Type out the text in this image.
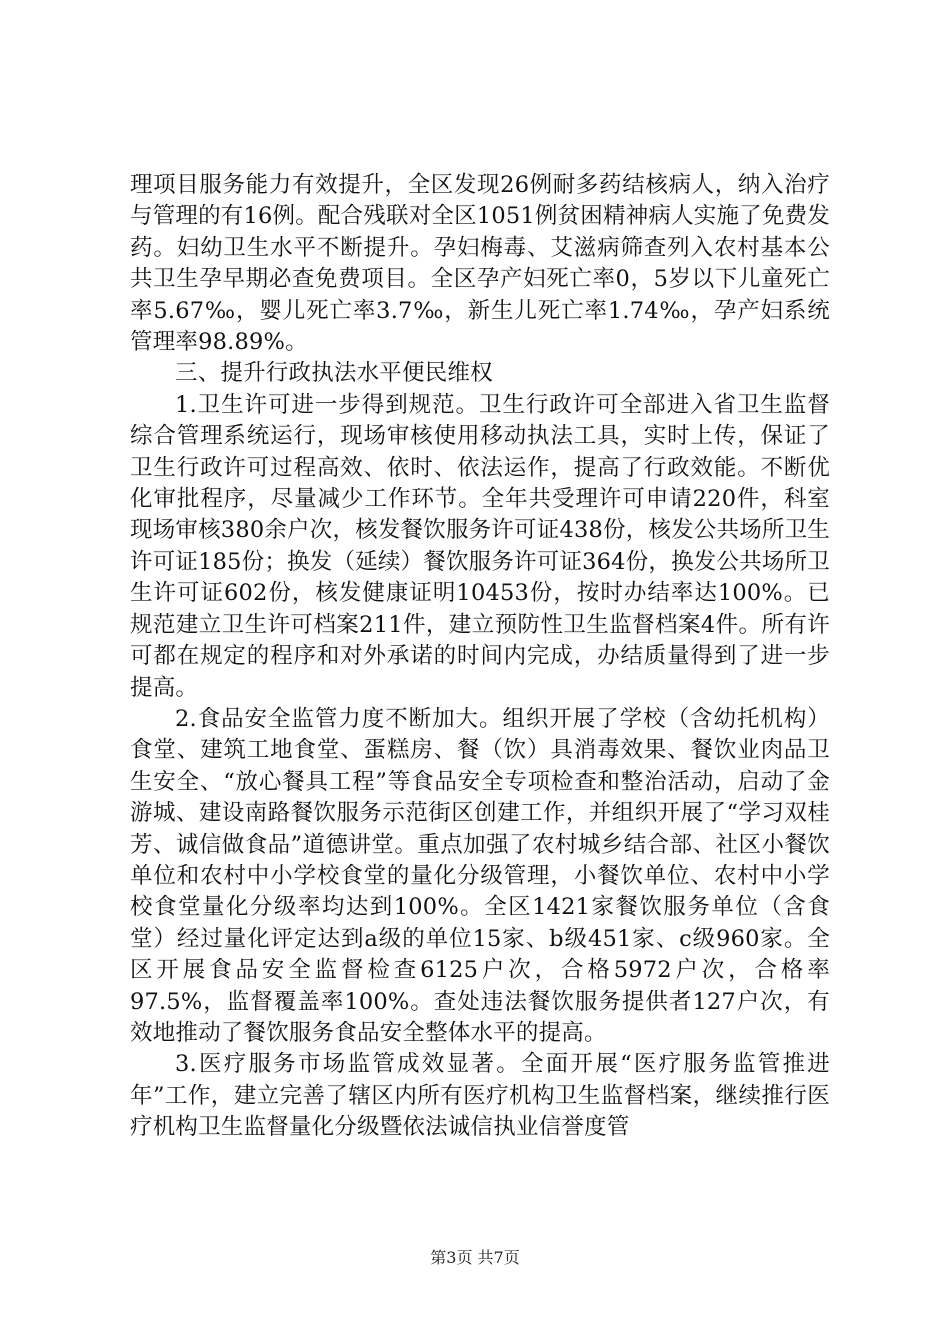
理项目服务能力有效提升，全区发现26例耐多药结核病人，纳入治疗与管理的有16例。配合残联对全区1051例贫困精神病人实施了免费发药。妇幼卫生水平不断提升。孕妇梅毒、艾滋病筛查列入农村基本公共卫生孕早期必查免费项目。全区孕产妇死亡率0，5岁以下儿童死亡率5.67‰，婴儿死亡率3.7‰，新生儿死亡率1.74‰，孕产妇系统管理率98.89%。

三、提升行政执法水平便民维权

1.卫生许可进一步得到规范。卫生行政许可全部进入省卫生监督综合管理系统运行，现场审核使用移动执法工具，实时上传，保证了卫生行政许可过程高效、依时、依法运作，提高了行政效能。不断优化审批程序，尽量减少工作环节。全年共受理许可申请220件，科室现场审核380余户次，核发餐饮服务许可证438份，核发公共场所卫生许可证185份；换发（延续）餐饮服务许可证364份，换发公共场所卫生许可证602份，核发健康证明10453份，按时办结率达100%。已规范建立卫生许可档案211件，建立预防性卫生监督档案4件。所有许可都在规定的程序和对外承诺的时间内完成，办结质量得到了进一步提高。

2.食品安全监管力度不断加大。组织开展了学校（含幼托机构）食堂、建筑工地食堂、蛋糕房、餐（饮）具消毒效果、餐饮业肉品卫生安全、“放心餐具工程”等食品安全专项检查和整治活动，启动了金游城、建设南路餐饮服务示范街区创建工作，并组织开展了“学习双桂芳、诚信做食品”道德讲堂。重点加强了农村城乡结合部、社区小餐饮单位和农村中小学校食堂的量化分级管理，小餐饮单位、农村中小学校食堂量化分级率均达到100%。全区1421家餐饮服务单位（含食堂）经过量化评定达到a级的单位15家、b级451家、c级960家。全区开展食品安全监督检查6125户次，合格5972户次，合格率97.5%，监督覆盖率100%。查处违法餐饮服务提供者127户次，有效地推动了餐饮服务食品安全整体水平的提高。

3.医疗服务市场监管成效显著。全面开展“医疗服务监管推进年”工作，建立完善了辖区内所有医疗机构卫生监督档案，继续推行医疗机构卫生监督量化分级暨依法诚信执业信誉度管

第3页 共7页
